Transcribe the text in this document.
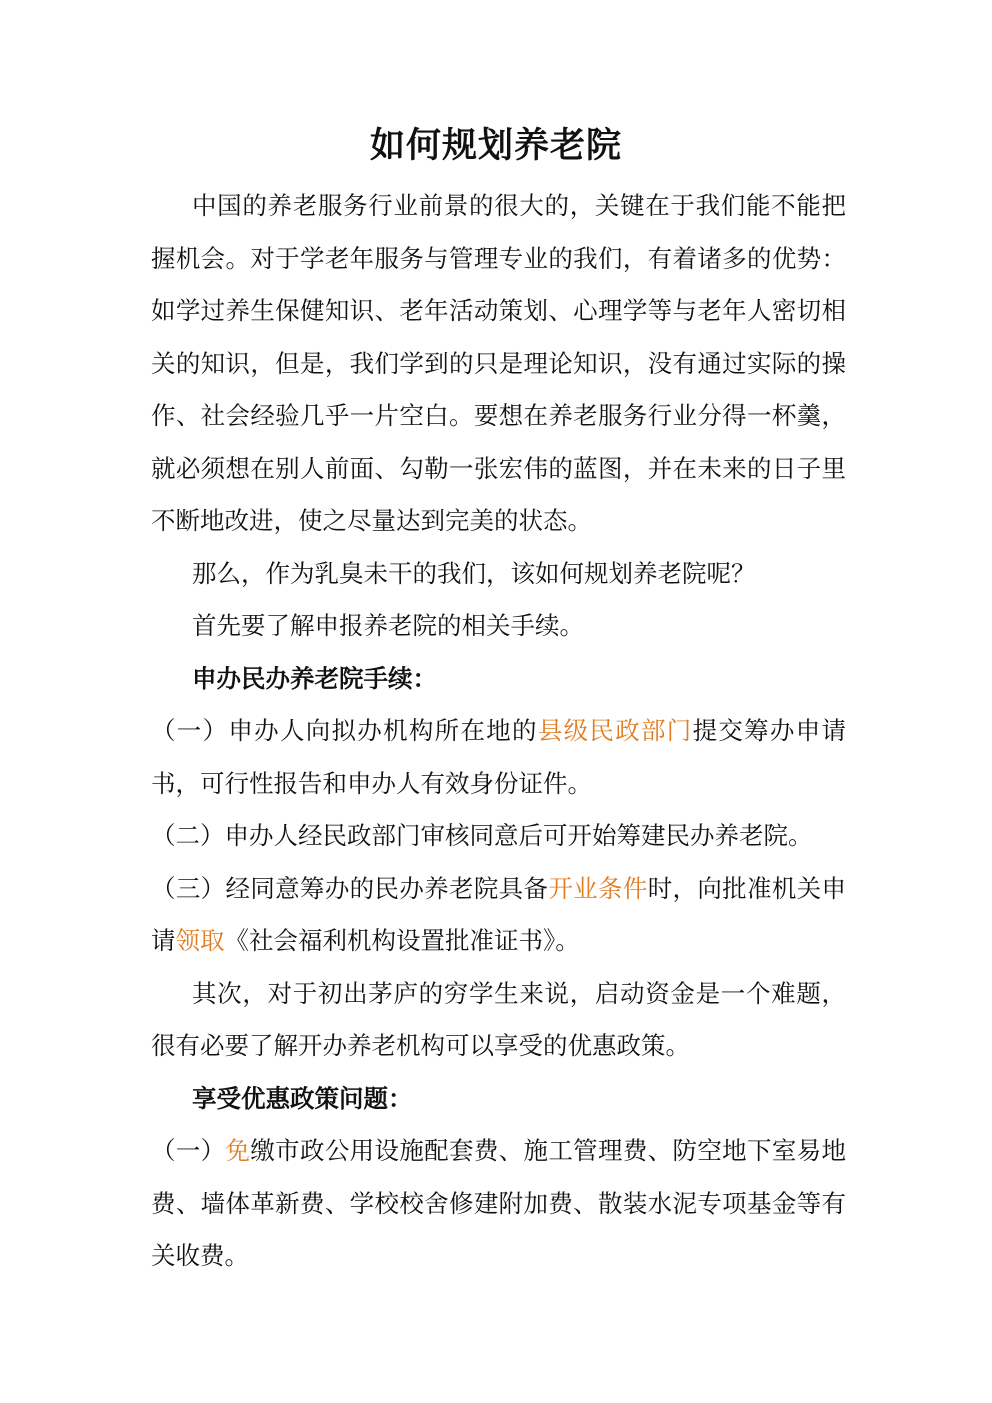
如何规划养老院

中国的养老服务行业前景的很大的，关键在于我们能不能把握机会。对于学老年服务与管理专业的我们，有着诸多的优势：如学过养生保健知识、老年活动策划、心理学等与老年人密切相关的知识，但是，我们学到的只是理论知识，没有通过实际的操作、社会经验几乎一片空白。要想在养老服务行业分得一杯羹，就必须想在别人前面、勾勒一张宏伟的蓝图，并在未来的日子里不断地改进，使之尽量达到完美的状态。

那么，作为乳臭未干的我们，该如何规划养老院呢？

首先要了解申报养老院的相关手续。

申办民办养老院手续：

（一）申办人向拟办机构所在地的县级民政部门提交筹办申请书，可行性报告和申办人有效身份证件。

（二）申办人经民政部门审核同意后可开始筹建民办养老院。

（三）经同意筹办的民办养老院具备开业条件时，向批准机关申请领取《社会福利机构设置批准证书》。

其次，对于初出茅庐的穷学生来说，启动资金是一个难题，很有必要了解开办养老机构可以享受的优惠政策。

享受优惠政策问题：

（一）免缴市政公用设施配套费、施工管理费、防空地下室易地费、墙体革新费、学校校舍修建附加费、散装水泥专项基金等有关收费。
